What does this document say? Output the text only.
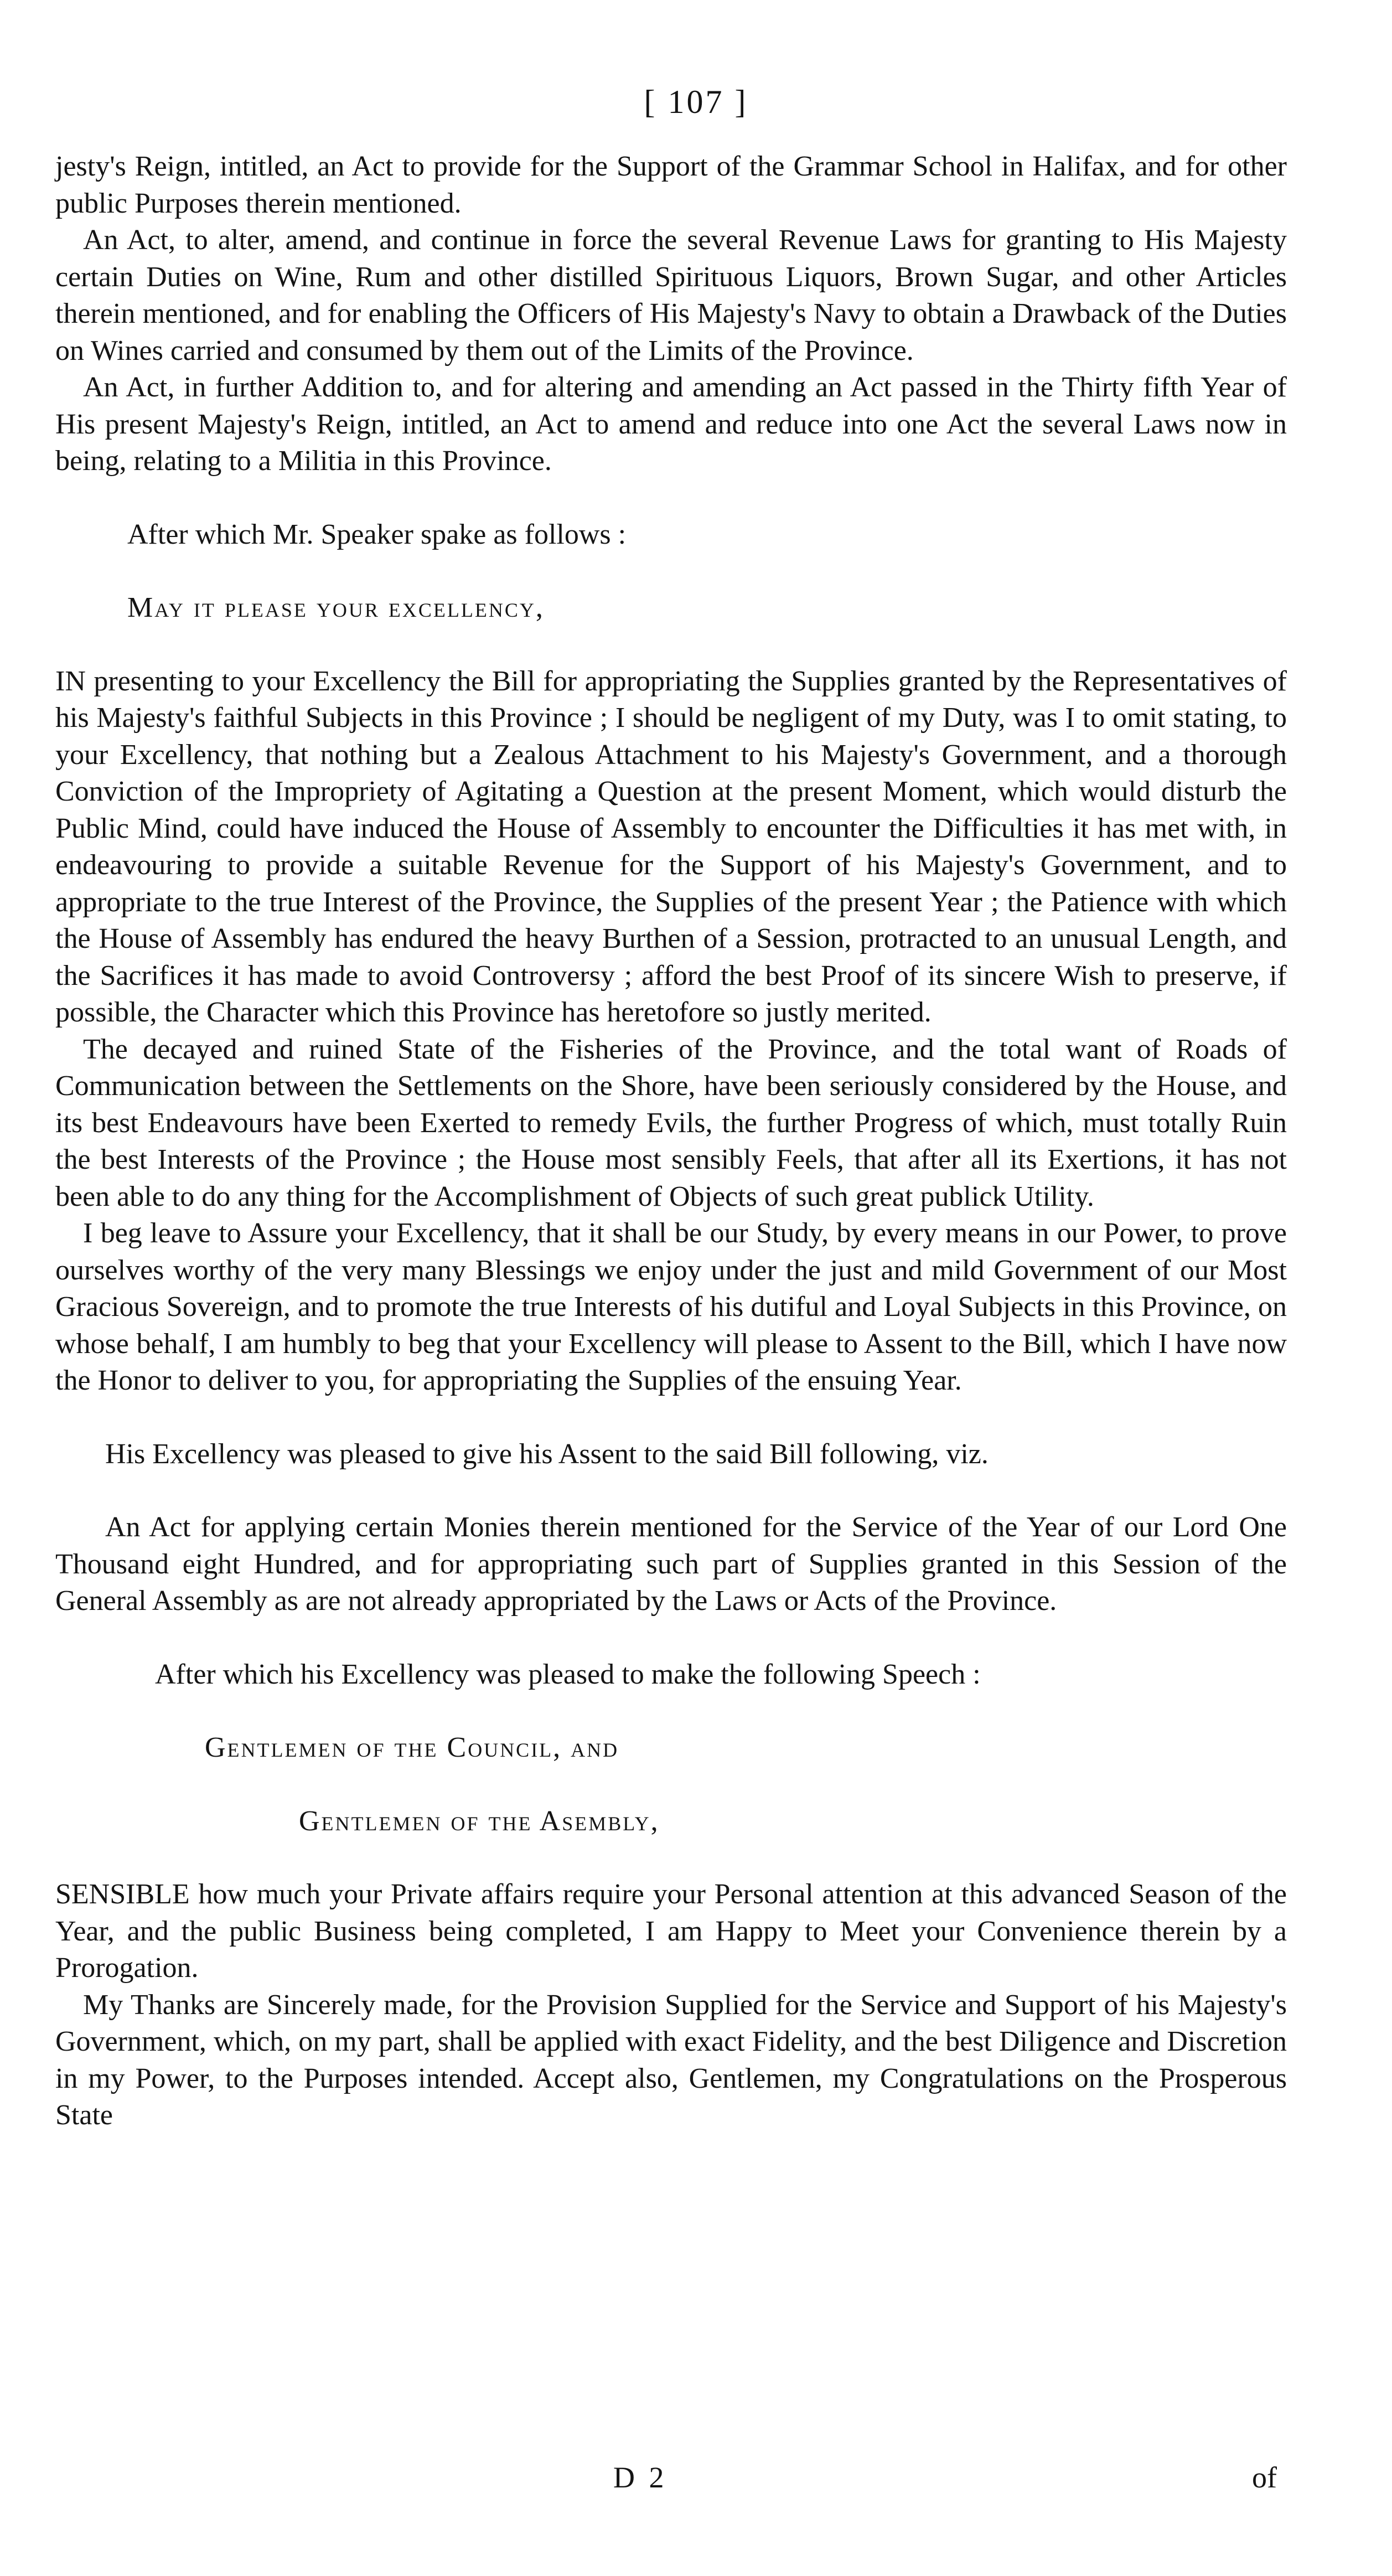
[ 107 ]

jesty's Reign, intitled, an Act to provide for the Support of the Grammar School in Halifax, and for other public Purposes therein mentioned.

An Act, to alter, amend, and continue in force the several Revenue Laws for granting to His Majesty certain Duties on Wine, Rum and other distilled Spirituous Liquors, Brown Sugar, and other Articles therein mentioned, and for enabling the Officers of His Majesty's Navy to obtain a Drawback of the Duties on Wines carried and consumed by them out of the Limits of the Province.

An Act, in further Addition to, and for altering and amending an Act passed in the Thirty fifth Year of His present Majesty's Reign, intitled, an Act to amend and reduce into one Act the several Laws now in being, relating to a Militia in this Province.

After which Mr. Speaker spake as follows :

May it please your excellency,

IN presenting to your Excellency the Bill for appropriating the Supplies granted by the Representatives of his Majesty's faithful Subjects in this Province ; I should be negligent of my Duty, was I to omit stating, to your Excellency, that nothing but a Zealous Attachment to his Majesty's Government, and a thorough Conviction of the Impropriety of Agitating a Question at the present Moment, which would disturb the Public Mind, could have induced the House of Assembly to encounter the Difficulties it has met with, in endeavouring to provide a suitable Revenue for the Support of his Majesty's Government, and to appropriate to the true Interest of the Province, the Supplies of the present Year ; the Patience with which the House of Assembly has endured the heavy Burthen of a Session, protracted to an unusual Length, and the Sacrifices it has made to avoid Controversy ; afford the best Proof of its sincere Wish to preserve, if possible, the Character which this Province has heretofore so justly merited.

The decayed and ruined State of the Fisheries of the Province, and the total want of Roads of Communication between the Settlements on the Shore, have been seriously considered by the House, and its best Endeavours have been Exerted to remedy Evils, the further Progress of which, must totally Ruin the best Interests of the Province ; the House most sensibly Feels, that after all its Exertions, it has not been able to do any thing for the Accomplishment of Objects of such great publick Utility.

I beg leave to Assure your Excellency, that it shall be our Study, by every means in our Power, to prove ourselves worthy of the very many Blessings we enjoy under the just and mild Government of our Most Gracious Sovereign, and to promote the true Interests of his dutiful and Loyal Subjects in this Province, on whose behalf, I am humbly to beg that your Excellency will please to Assent to the Bill, which I have now the Honor to deliver to you, for appropriating the Supplies of the ensuing Year.

His Excellency was pleased to give his Assent to the said Bill following, viz.

An Act for applying certain Monies therein mentioned for the Service of the Year of our Lord One Thousand eight Hundred, and for appropriating such part of Supplies granted in this Session of the General Assembly as are not already appropriated by the Laws or Acts of the Province.

After which his Excellency was pleased to make the following Speech :

Gentlemen of the Council, and

Gentlemen of the Asembly,

SENSIBLE how much your Private affairs require your Personal attention at this advanced Season of the Year, and the public Business being completed, I am Happy to Meet your Convenience therein by a Prorogation.

My Thanks are Sincerely made, for the Provision Supplied for the Service and Support of his Majesty's Government, which, on my part, shall be applied with exact Fidelity, and the best Diligence and Discretion in my Power, to the Purposes intended. Accept also, Gentlemen, my Congratulations on the Prosperous State

D 2	of
